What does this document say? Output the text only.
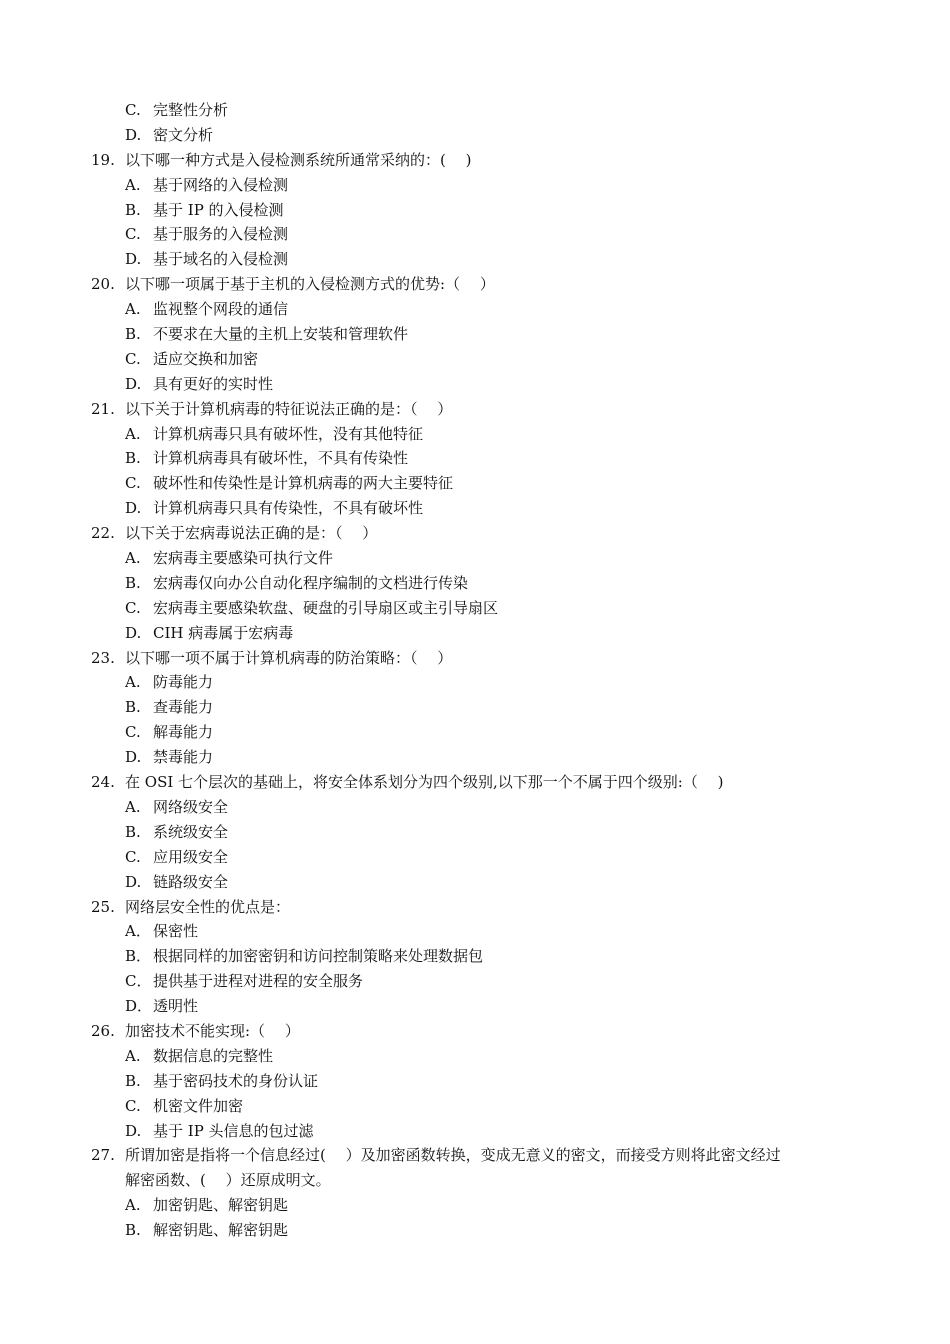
C. 完整性分析
D. 密文分析
19. 以下哪一种方式是入侵检测系统所通常采纳的：(　 )
A. 基于网络的入侵检测
B. 基于 IP 的入侵检测
C. 基于服务的入侵检测
D. 基于域名的入侵检测
20. 以下哪一项属于基于主机的入侵检测方式的优势:（　 ）
A. 监视整个网段的通信
B. 不要求在大量的主机上安装和管理软件
C. 适应交换和加密
D. 具有更好的实时性
21. 以下关于计算机病毒的特征说法正确的是：（　 ）
A. 计算机病毒只具有破坏性，没有其他特征
B. 计算机病毒具有破坏性，不具有传染性
C. 破坏性和传染性是计算机病毒的两大主要特征
D. 计算机病毒只具有传染性，不具有破坏性
22. 以下关于宏病毒说法正确的是：（　 ）
A. 宏病毒主要感染可执行文件
B. 宏病毒仅向办公自动化程序编制的文档进行传染
C. 宏病毒主要感染软盘、硬盘的引导扇区或主引导扇区
D. CIH 病毒属于宏病毒
23. 以下哪一项不属于计算机病毒的防治策略：（　 ）
A. 防毒能力
B. 查毒能力
C. 解毒能力
D. 禁毒能力
24. 在 OSI 七个层次的基础上，将安全体系划分为四个级别,以下那一个不属于四个级别:（　 )
A. 网络级安全
B. 系统级安全
C. 应用级安全
D. 链路级安全
25. 网络层安全性的优点是：
A． 保密性
B． 根据同样的加密密钥和访问控制策略来处理数据包
C． 提供基于进程对进程的安全服务
D．透明性
26. 加密技术不能实现:（　 ）
A. 数据信息的完整性
B. 基于密码技术的身份认证
C. 机密文件加密
D. 基于 IP 头信息的包过滤
27. 所谓加密是指将一个信息经过(　 ）及加密函数转换，变成无意义的密文，而接受方则将此密文经过
解密函数、(　 ）还原成明文。
A. 加密钥匙、解密钥匙
B. 解密钥匙、解密钥匙
